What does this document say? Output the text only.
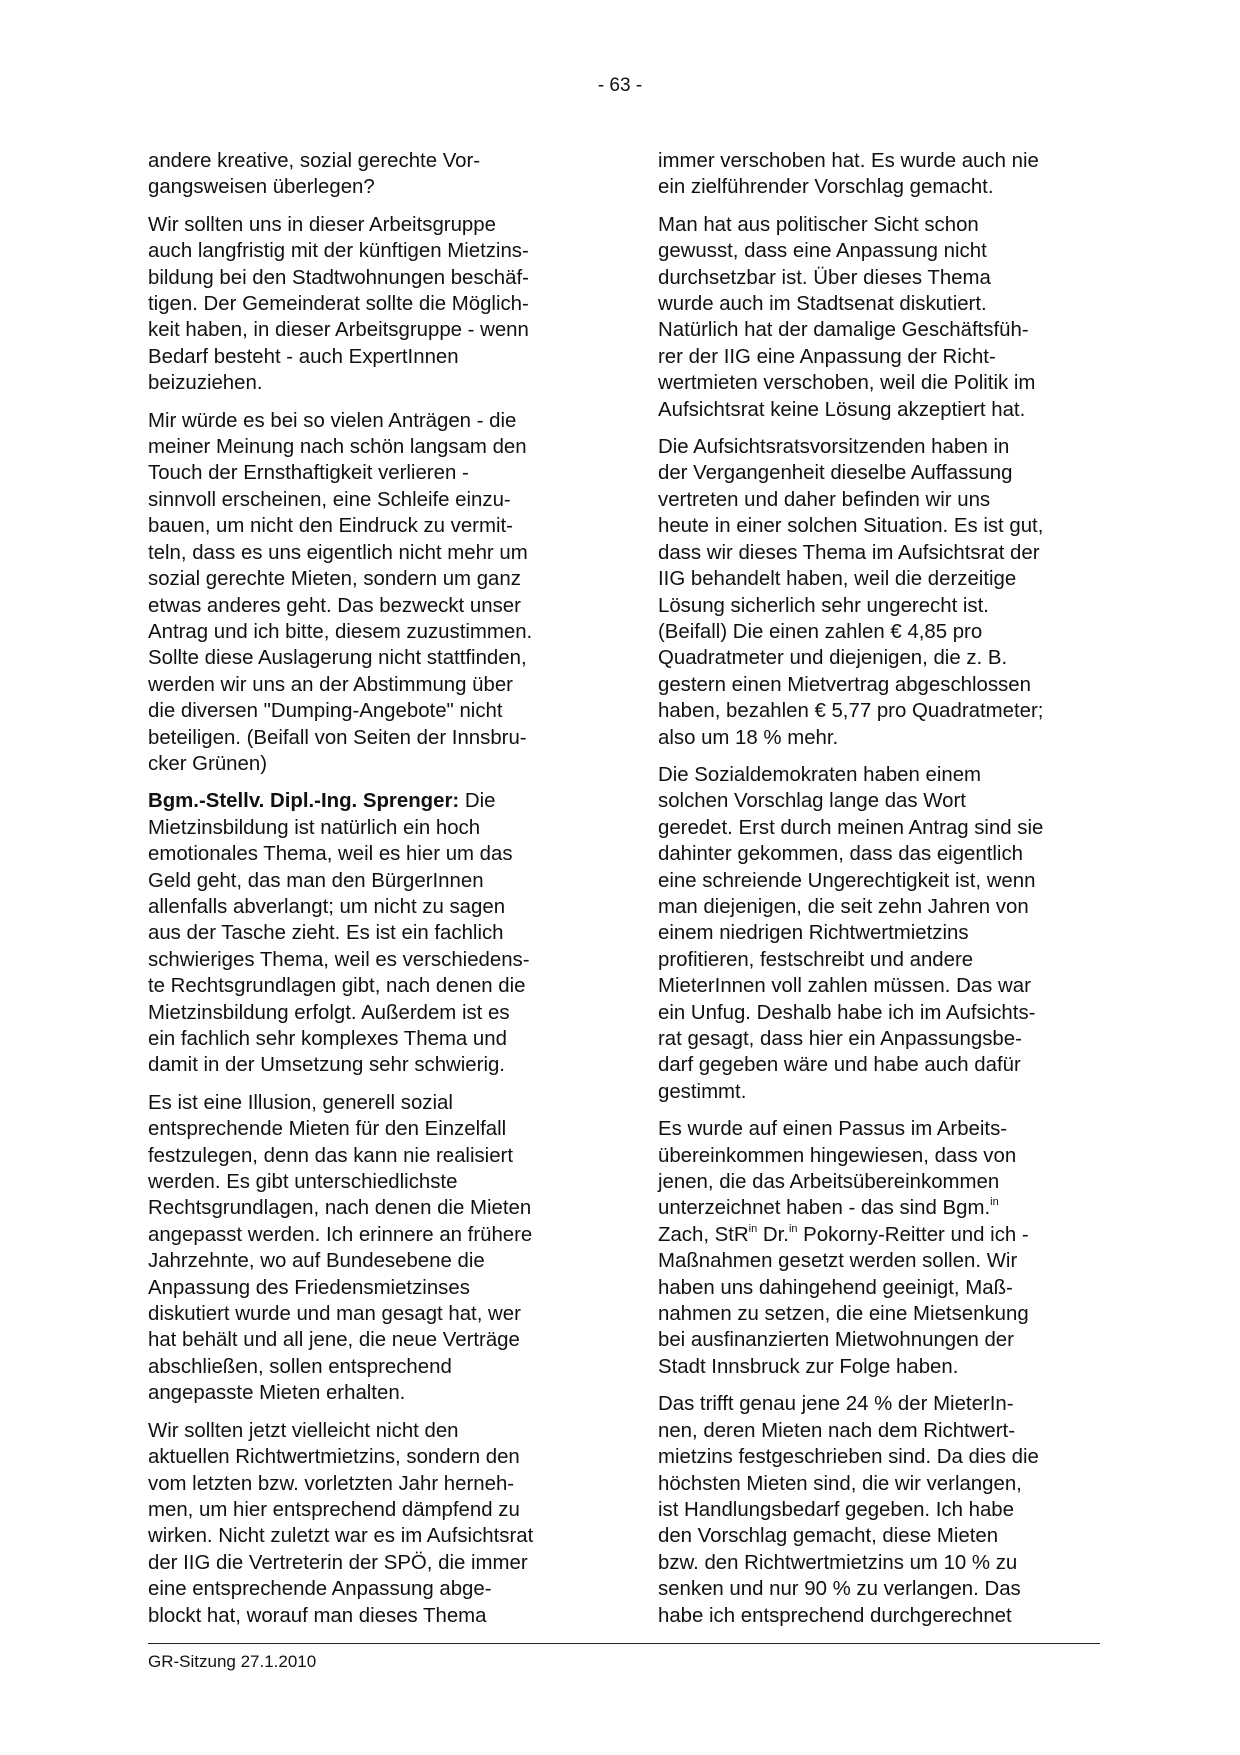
- 63 -

andere kreative, sozial gerechte Vor-
gangsweisen überlegen?

Wir sollten uns in dieser Arbeitsgruppe
auch langfristig mit der künftigen Mietzins-
bildung bei den Stadtwohnungen beschäf-
tigen. Der Gemeinderat sollte die Möglich-
keit haben, in dieser Arbeitsgruppe - wenn
Bedarf besteht - auch ExpertInnen
beizuziehen.

Mir würde es bei so vielen Anträgen - die
meiner Meinung nach schön langsam den
Touch der Ernsthaftigkeit verlieren -
sinnvoll erscheinen, eine Schleife einzu-
bauen, um nicht den Eindruck zu vermit-
teln, dass es uns eigentlich nicht mehr um
sozial gerechte Mieten, sondern um ganz
etwas anderes geht. Das bezweckt unser
Antrag und ich bitte, diesem zuzustimmen.
Sollte diese Auslagerung nicht stattfinden,
werden wir uns an der Abstimmung über
die diversen "Dumping-Angebote" nicht
beteiligen. (Beifall von Seiten der Innsbru-
cker Grünen)

Bgm.-Stellv. Dipl.-Ing. Sprenger: Die
Mietzinsbildung ist natürlich ein hoch
emotionales Thema, weil es hier um das
Geld geht, das man den BürgerInnen
allenfalls abverlangt; um nicht zu sagen
aus der Tasche zieht. Es ist ein fachlich
schwieriges Thema, weil es verschiedens-
te Rechtsgrundlagen gibt, nach denen die
Mietzinsbildung erfolgt. Außerdem ist es
ein fachlich sehr komplexes Thema und
damit in der Umsetzung sehr schwierig.

Es ist eine Illusion, generell sozial
entsprechende Mieten für den Einzelfall
festzulegen, denn das kann nie realisiert
werden. Es gibt unterschiedlichste
Rechtsgrundlagen, nach denen die Mieten
angepasst werden. Ich erinnere an frühere
Jahrzehnte, wo auf Bundesebene die
Anpassung des Friedensmietzinses
diskutiert wurde und man gesagt hat, wer
hat behält und all jene, die neue Verträge
abschließen, sollen entsprechend
angepasste Mieten erhalten.

Wir sollten jetzt vielleicht nicht den
aktuellen Richtwertmietzins, sondern den
vom letzten bzw. vorletzten Jahr herneh-
men, um hier entsprechend dämpfend zu
wirken. Nicht zuletzt war es im Aufsichtsrat
der IIG die Vertreterin der SPÖ, die immer
eine entsprechende Anpassung abge-
blockt hat, worauf man dieses Thema

immer verschoben hat. Es wurde auch nie
ein zielführender Vorschlag gemacht.

Man hat aus politischer Sicht schon
gewusst, dass eine Anpassung nicht
durchsetzbar ist. Über dieses Thema
wurde auch im Stadtsenat diskutiert.
Natürlich hat der damalige Geschäftsfüh-
rer der IIG eine Anpassung der Richt-
wertmieten verschoben, weil die Politik im
Aufsichtsrat keine Lösung akzeptiert hat.

Die Aufsichtsratsvorsitzenden haben in
der Vergangenheit dieselbe Auffassung
vertreten und daher befinden wir uns
heute in einer solchen Situation. Es ist gut,
dass wir dieses Thema im Aufsichtsrat der
IIG behandelt haben, weil die derzeitige
Lösung sicherlich sehr ungerecht ist.
(Beifall) Die einen zahlen € 4,85 pro
Quadratmeter und diejenigen, die z. B.
gestern einen Mietvertrag abgeschlossen
haben, bezahlen € 5,77 pro Quadratmeter;
also um 18 % mehr.

Die Sozialdemokraten haben einem
solchen Vorschlag lange das Wort
geredet. Erst durch meinen Antrag sind sie
dahinter gekommen, dass das eigentlich
eine schreiende Ungerechtigkeit ist, wenn
man diejenigen, die seit zehn Jahren von
einem niedrigen Richtwertmietzins
profitieren, festschreibt und andere
MieterInnen voll zahlen müssen. Das war
ein Unfug. Deshalb habe ich im Aufsichts-
rat gesagt, dass hier ein Anpassungsbe-
darf gegeben wäre und habe auch dafür
gestimmt.

Es wurde auf einen Passus im Arbeits-
übereinkommen hingewiesen, dass von
jenen, die das Arbeitsübereinkommen
unterzeichnet haben - das sind Bgm.$^{in}$
Zach, StR$^{in}$ Dr.$^{in}$ Pokorny-Reitter und ich -
Maßnahmen gesetzt werden sollen. Wir
haben uns dahingehend geeinigt, Maß-
nahmen zu setzen, die eine Mietsenkung
bei ausfinanzierten Mietwohnungen der
Stadt Innsbruck zur Folge haben.

Das trifft genau jene 24 % der MieterIn-
nen, deren Mieten nach dem Richtwert-
mietzins festgeschrieben sind. Da dies die
höchsten Mieten sind, die wir verlangen,
ist Handlungsbedarf gegeben. Ich habe
den Vorschlag gemacht, diese Mieten
bzw. den Richtwertmietzins um 10 % zu
senken und nur 90 % zu verlangen. Das
habe ich entsprechend durchgerechnet

GR-Sitzung 27.1.2010
